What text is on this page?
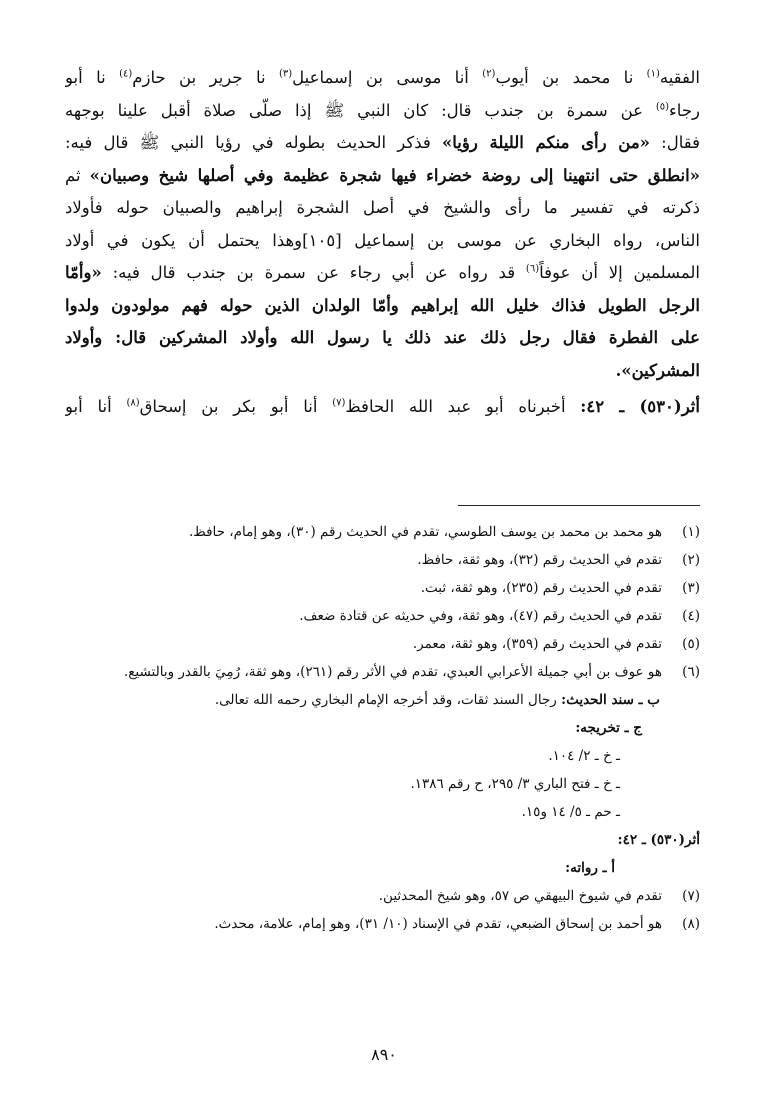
الفقيه$^{(١)}$ نا محمد بن أيوب$^{(٢)}$ أنا موسى بن إسماعيل$^{(٣)}$ نا جرير بن حازم$^{(٤)}$ نا أبو
رجاء$^{(٥)}$ عن سمرة بن جندب قال: كان النبي ﷺ إذا صلّى صلاة أقبل علينا بوجهه
فقال: «من رأى منكم الليلة رؤيا» فذكر الحديث بطوله في رؤيا النبي ﷺ قال فيه:
«انطلق حتى انتهينا إلى روضة خضراء فيها شجرة عظيمة وفي أصلها شيخ وصبيان» ثم
ذكرته في تفسير ما رأى والشيخ في أصل الشجرة إبراهيم والصبيان حوله فأولاد
الناس، رواه البخاري عن موسى بن إسماعيل [١٠٥]وهذا يحتمل أن يكون في أولاد
المسلمين إلا أن عوفاً$^{(٦)}$ قد رواه عن أبي رجاء عن سمرة بن جندب قال فيه: «وأمّا
الرجل الطويل فذاك خليل الله إبراهيم وأمّا الولدان الذين حوله فهم مولودون ولدوا
على الفطرة فقال رجل ذلك عند ذلك يا رسول الله وأولاد المشركين قال: وأولاد
المشركين».
أثر(٥٣٠) ـ ٤٢: أخبرناه أبو عبد الله الحافظ$^{(٧)}$ أنا أبو بكر بن إسحاق$^{(٨)}$ أنا أبو
(١)
هو محمد بن محمد بن يوسف الطوسي، تقدم في الحديث رقم (٣٠)، وهو إمام، حافظ.
(٢)
تقدم في الحديث رقم (٣٢)، وهو ثقة، حافظ.
(٣)
تقدم في الحديث رقم (٢٣٥)، وهو ثقة، ثبت.
(٤)
تقدم في الحديث رقم (٤٧)، وهو ثقة، وفي حديثه عن قتادة ضعف.
(٥)
تقدم في الحديث رقم (٣٥٩)، وهو ثقة، معمر.
(٦)
هو عوف بن أبي جميلة الأعرابي العبدي، تقدم في الأثر رقم (٢٦١)، وهو ثقة، رُمِيَ بالقدر وبالتشيع.
ب ـ سند الحديث: رجال السند ثقات، وقد أخرجه الإمام البخاري رحمه الله تعالى.
ج ـ تخريجه:
ـ خ ـ ٢/ ١٠٤.
ـ خ ـ فتح الباري ٣/ ٢٩٥، ح رقم ١٣٨٦.
ـ حم ـ ٥/ ١٤ و١٥.
أثر(٥٣٠) ـ ٤٢:
أ ـ رواته:
(٧)
تقدم في شيوخ البيهقي ص ٥٧، وهو شيخ المحدثين.
(٨)
هو أحمد بن إسحاق الضبعي، تقدم في الإسناد (١٠/ ٣١)، وهو إمام، علامة، محدث.
٨٩٠
